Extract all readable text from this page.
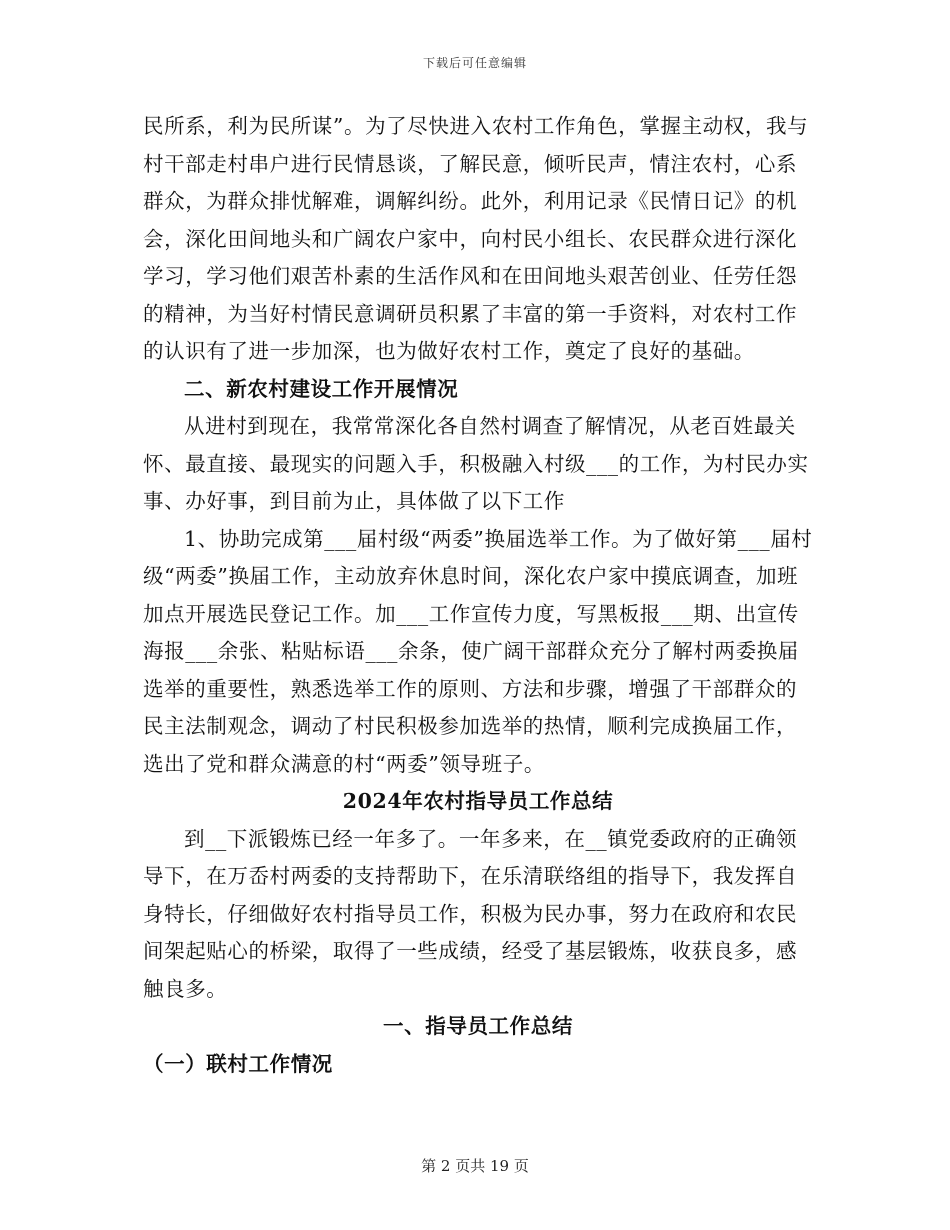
下载后可任意编辑

民所系，利为民所谋”。为了尽快进入农村工作角色，掌握主动权，我与村干部走村串户进行民情恳谈，了解民意，倾听民声，情注农村，心系群众，为群众排忧解难，调解纠纷。此外，利用记录《民情日记》的机会，深化田间地头和广阔农户家中，向村民小组长、农民群众进行深化学习，学习他们艰苦朴素的生活作风和在田间地头艰苦创业、任劳任怨的精神，为当好村情民意调研员积累了丰富的第一手资料，对农村工作的认识有了进一步加深，也为做好农村工作，奠定了良好的基础。

二、新农村建设工作开展情况

从进村到现在，我常常深化各自然村调查了解情况，从老百姓最关怀、最直接、最现实的问题入手，积极融入村级___的工作，为村民办实事、办好事，到目前为止，具体做了以下工作

1、协助完成第___届村级“两委”换届选举工作。为了做好第___届村级“两委”换届工作，主动放弃休息时间，深化农户家中摸底调查，加班加点开展选民登记工作。加___工作宣传力度，写黑板报___期、出宣传海报___余张、粘贴标语___余条，使广阔干部群众充分了解村两委换届选举的重要性，熟悉选举工作的原则、方法和步骤，增强了干部群众的民主法制观念，调动了村民积极参加选举的热情，顺利完成换届工作，选出了党和群众满意的村“两委”领导班子。

2024年农村指导员工作总结

到__下派锻炼已经一年多了。一年多来，在__镇党委政府的正确领导下，在万岙村两委的支持帮助下，在乐清联络组的指导下，我发挥自身特长，仔细做好农村指导员工作，积极为民办事，努力在政府和农民间架起贴心的桥梁，取得了一些成绩，经受了基层锻炼，收获良多，感触良多。

一、指导员工作总结

（一）联村工作情况

第 2 页共 19 页
